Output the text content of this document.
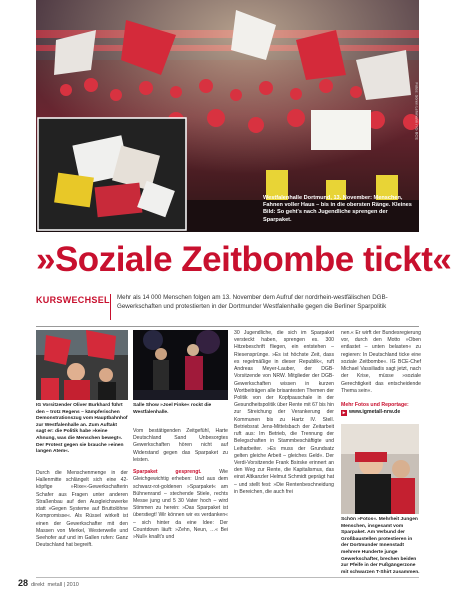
Westfalenhalle Dortmund, 13. November: Menschen, Fahnen voller Haus – bis in die obersten Ränge. Kleines Bild: So geht's nach Jugendliche sprengen der Sparpaket.
Fotos: Sören Lehmann / IG BCE
»Soziale Zeitbombe tickt«
KURSWECHSEL Mehr als 14 000 Menschen folgen am 13. November dem Aufruf der nordrhein-westfälischen DGB-Gewerkschaften und protestierten in der Dortmunder Westfalenhalle gegen die Berliner Sparpolitik
IG Vorsitzender Oliver Burkhard führt den – trotz Regens – kämpferischen Demonstrationszug vom Hauptbahnhof zur Westfalenhalle an. Zum Auftakt sagt er: die Politik habe »keine Ahnung, was die Menschen bewegt«. Der Protest gegen sie brauche »einen langen Atem«.
Salle Show »Joel Finke« rockt die Westfalenhalle.

Durch die Menschenmenge in der Hallenmitte schlängelt sich eine 42-köpfige »Rixe«-Gewerkschafterin Schafer aus Fragen unter anderen Straßenbau auf den Ausgleichswerke statt »Gegen Systeme auf Bruttolöhne Kompromisse«. Als Rüssel wirkelt ist einen der Gewerkschafter mit den Massen von Merkel, Westerwelle und Seehofer auf und im Gallen rufen: Ganz Deutschland hat begreift.

Vom bestätigenden Zeitgefühl, Harte Deutschland Sand Unbesorgtes Gewerkschaften hören nicht auf Widerstand gegen das Sparpaket zu leisten.

Sparpaket gesprengt.	Wie Gleichgewichtig erheben: Und aus dem schwarz-rot-goldenen »Sparpaket« am Bühnenrand – stechende Stiele, rechts Messe jung und 5 30 Vater hoch – wird Stimmen zu herein: »Das Sparpaket ist überstiegt! Wir können wir es verdanken« – sich hinter da eine Idee: Der Countdown läuft: »Zehn, Neun, …« Bei »Null« knallt's und

30 Jugendliche, die sich im Sparpaket versteckt haben, sprengen es. 300 Hitzebeschrift fliegen, ein entstehen – Riesensprünge. »Es ist höchste Zeit, dass es regelmäßige in dieser Republik«, ruft Andreas Meyer-Lauber, der DGB-Vorsitzende von NRW. Mitglieder der DGB-Gewerkschaften wissen in kurzen Wortbeiträgen alle brisantesten Themen der Politik von der Kopfpauschale in der Gesundheitspolitik über Rente mit 67 bis hin zur Streichung der Verankerung der Kommunen bis zu Hartz IV. Stell. Betriebsrat Jens-Mittelsbach der Zeitarbeit ruft aus: Im Betrieb, die Trennung der Belegschaften in Stammbeschäftigte und Leiharbeiter. »Es muss der Grundsatz gelten gleiche Arbeit – gleiches Geld«. Der Verdi-Vorsitzende Frank Bsirske erinnert an den Weg zur Rente, die Kapitalismus, das einst Altkanzler Helmut Schmidt geprägt hat – und stellt fest: »Die Rentenbeschneidung in Bereichen, die auch frei

nen.« Er wirft der Bundesregierung vor, durch den Motto »Oben entlastet – unten belasten« zu regieren: In Deutschland ticke eine soziale Zeitbombe«. IG BCE-Chef Michael Vassiliadis sagt jetzt, nach der Krise, müsse »soziale Gerechtigkeit das entscheidende Thema sein«.

Mehr Fotos und Reportage:
▸ www.igmetall-nrw.de
Schön »Fotos«. Mehrheit Jungen Menschen, insgesamt vom Sparpaket. Am Verbund der Großbaustellen protestieren in der Dortmunder Innenstadt mehrere Hunderte junge Gewerkschafter, brechen beiden zur Pfeife in der Fußgängerzone mit schwarzen T-Shirt zusammen.
28 direkt metall | 2010
